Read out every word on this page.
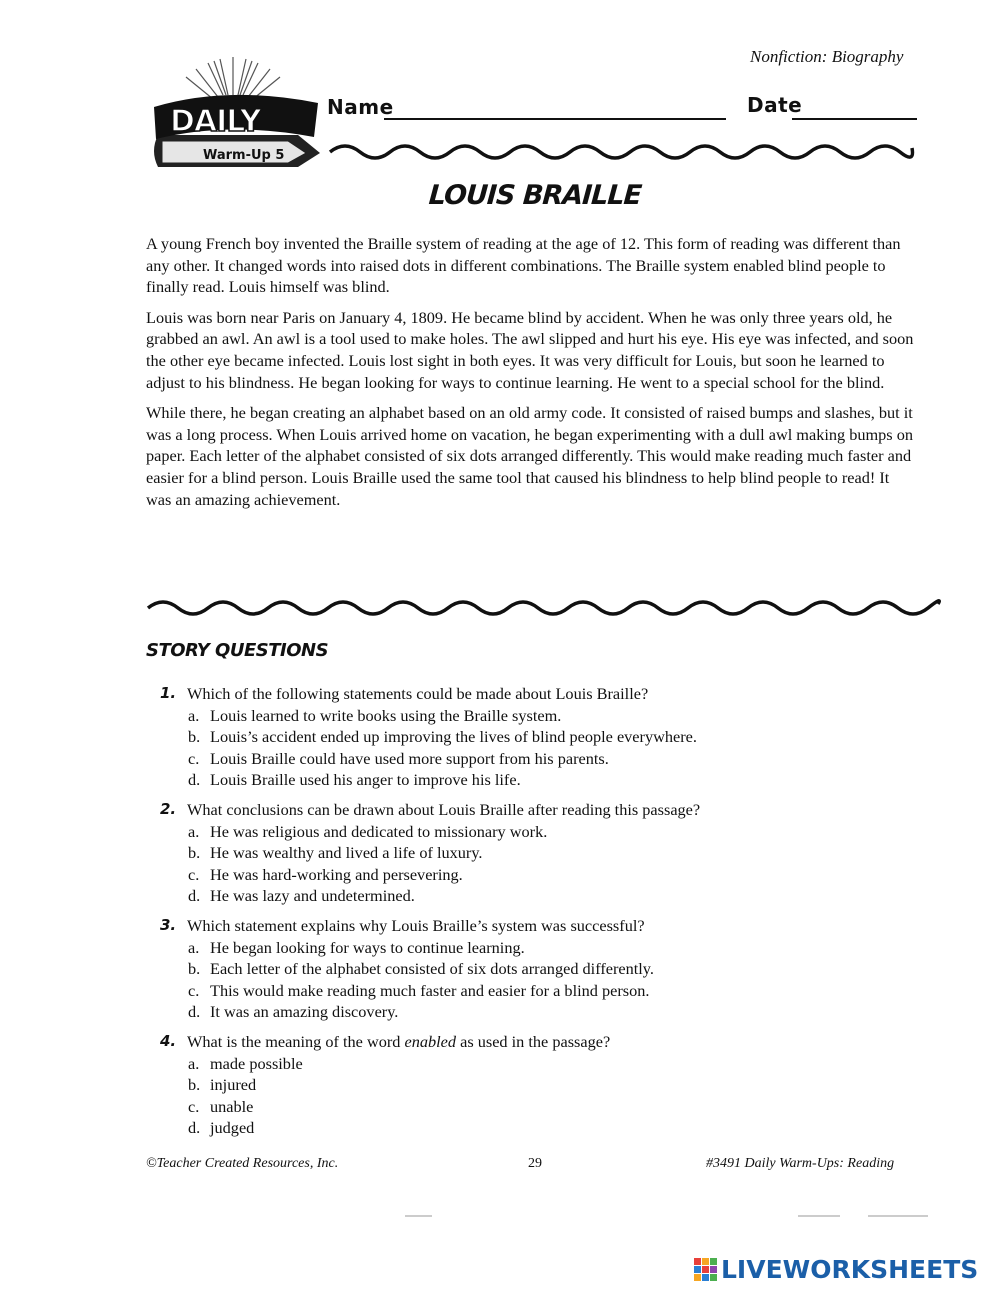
Nonfiction: Biography
DAILY
Warm-Up 5
Name	Date
LOUIS BRAILLE

A young French boy invented the Braille system of reading at the age of 12. This form of reading was different than any other. It changed words into raised dots in different combinations. The Braille system enabled blind people to finally read. Louis himself was blind.

Louis was born near Paris on January 4, 1809. He became blind by accident. When he was only three years old, he grabbed an awl. An awl is a tool used to make holes. The awl slipped and hurt his eye. His eye was infected, and soon the other eye became infected. Louis lost sight in both eyes. It was very difficult for Louis, but soon he learned to adjust to his blindness. He began looking for ways to continue learning. He went to a special school for the blind.

While there, he began creating an alphabet based on an old army code. It consisted of raised bumps and slashes, but it was a long process. When Louis arrived home on vacation, he began experimenting with a dull awl making bumps on paper. Each letter of the alphabet consisted of six dots arranged differently. This would make reading much faster and easier for a blind person. Louis Braille used the same tool that caused his blindness to help blind people to read! It was an amazing achievement.

STORY QUESTIONS
1. Which of the following statements could be made about Louis Braille?
a. Louis learned to write books using the Braille system.
b. Louis’s accident ended up improving the lives of blind people everywhere.
c. Louis Braille could have used more support from his parents.
d. Louis Braille used his anger to improve his life.
2. What conclusions can be drawn about Louis Braille after reading this passage?
a. He was religious and dedicated to missionary work.
b. He was wealthy and lived a life of luxury.
c. He was hard-working and persevering.
d. He was lazy and undetermined.
3. Which statement explains why Louis Braille’s system was successful?
a. He began looking for ways to continue learning.
b. Each letter of the alphabet consisted of six dots arranged differently.
c. This would make reading much faster and easier for a blind person.
d. It was an amazing discovery.
4. What is the meaning of the word enabled as used in the passage?
a. made possible
b. injured
c. unable
d. judged
©Teacher Created Resources, Inc.	29	#3491 Daily Warm-Ups: Reading
LIVEWORKSHEETS
